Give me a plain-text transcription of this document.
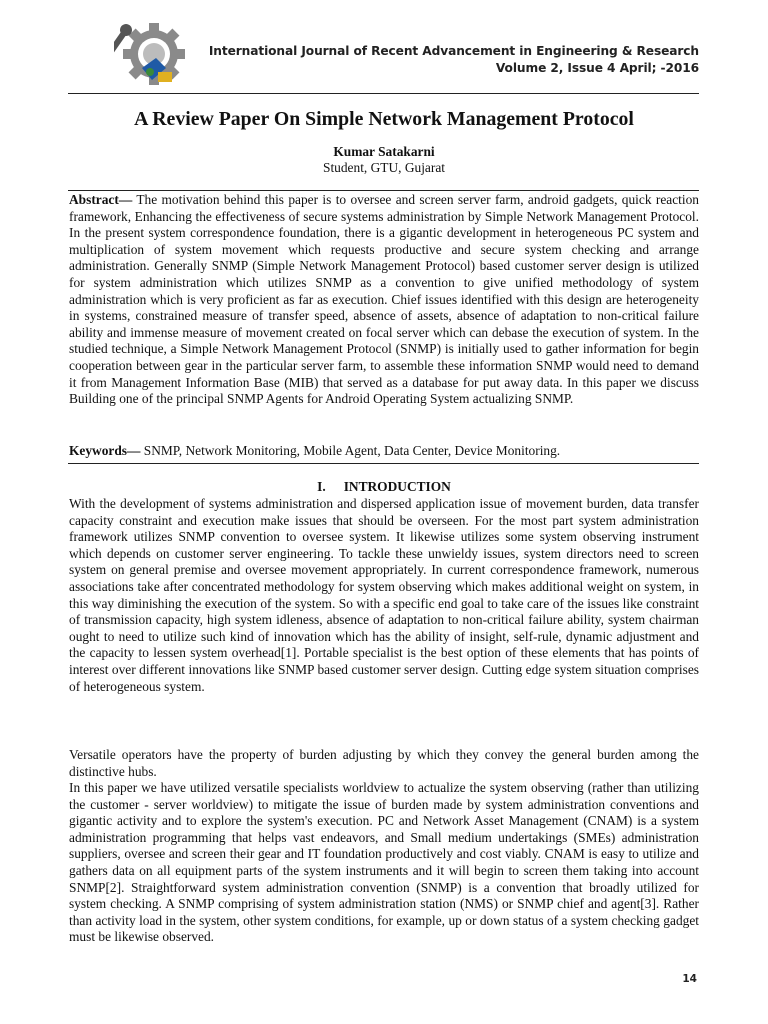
International Journal of Recent Advancement in Engineering & Research
Volume 2, Issue 4 April; -2016
A Review Paper On Simple Network Management Protocol
Kumar Satakarni
Student, GTU, Gujarat
Abstract— The motivation behind this paper is to oversee and screen server farm, android gadgets, quick reaction framework, Enhancing the effectiveness of secure systems administration by Simple Network Management Protocol. In the present system correspondence foundation, there is a gigantic development in heterogeneous PC system and multiplication of system movement which requests productive and secure system checking and arrange administration. Generally SNMP (Simple Network Management Protocol) based customer server design is utilized for system administration which utilizes SNMP as a convention to give unified methodology of system administration which is very proficient as far as execution. Chief issues identified with this design are heterogeneity in systems, constrained measure of transfer speed, absence of assets, absence of adaptation to non-critical failure ability and immense measure of movement created on focal server which can debase the execution of system. In the studied technique, a Simple Network Management Protocol (SNMP) is initially used to gather information for begin cooperation between gear in the particular server farm, to assemble these information SNMP would need to demand it from Management Information Base (MIB) that served as a database for put away data. In this paper we discuss Building one of the principal SNMP Agents for Android Operating System actualizing SNMP.
Keywords— SNMP, Network Monitoring, Mobile Agent, Data Center, Device Monitoring.
I. INTRODUCTION
With the development of systems administration and dispersed application issue of movement burden, data transfer capacity constraint and execution make issues that should be overseen. For the most part system administration framework utilizes SNMP convention to oversee system. It likewise utilizes some system observing instrument which depends on customer server engineering. To tackle these unwieldy issues, system directors need to screen system on general premise and oversee movement appropriately. In current correspondence framework, numerous associations take after concentrated methodology for system observing which makes additional weight on system, in this way diminishing the execution of the system. So with a specific end goal to take care of the issues like constraint of transmission capacity, high system idleness, absence of adaptation to non-critical failure ability, system chairman ought to need to utilize such kind of innovation which has the ability of insight, self-rule, dynamic adjustment and the capacity to lessen system overhead[1]. Portable specialist is the best option of these elements that has points of interest over different innovations like SNMP based customer server design. Cutting edge system situation comprises of heterogeneous system.
Versatile operators have the property of burden adjusting by which they convey the general burden among the distinctive hubs.
In this paper we have utilized versatile specialists worldview to actualize the system observing (rather than utilizing the customer - server worldview) to mitigate the issue of burden made by system administration conventions and gigantic activity and to explore the system's execution. PC and Network Asset Management (CNAM) is a system administration programming that helps vast endeavors, and Small medium undertakings (SMEs) administration suppliers, oversee and screen their gear and IT foundation productively and cost viably. CNAM is easy to utilize and gathers data on all equipment parts of the system instruments and it will begin to screen them taking into account SNMP[2]. Straightforward system administration convention (SNMP) is a convention that broadly utilized for system checking. A SNMP comprising of system administration station (NMS) or SNMP chief and agent[3]. Rather than activity load in the system, other system conditions, for example, up or down status of a system checking gadget must be likewise observed.
14
